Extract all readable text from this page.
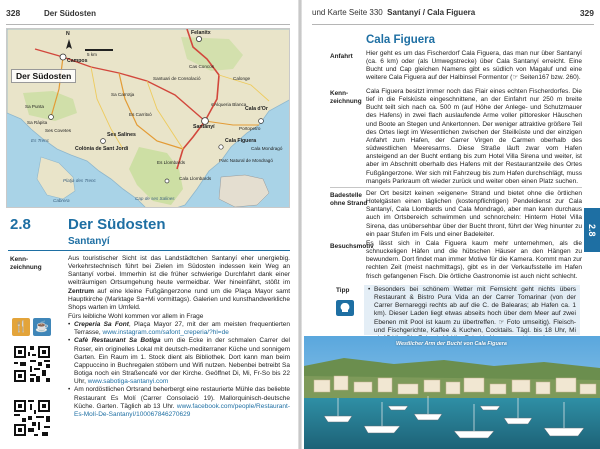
328	Der Südosten
Der Südosten
N
5 km
Felanitx
Campos
Santanyí
Cala Figuera
Colònia de Sant Jordi
Sa Ràpita
Ses Salines
Cala d'Or
Portopetro
s'Alqueria Blanca
Calonge
Es Llombards
Cala Llombards
Cala Mondragó
Cap de ses Salines
Es Trenc
Cabrera
Parc Natural de Mondragó
Sa Punta
Ses Covetes
Es Carritxó
Platja des Trenc
Santuari de Consolació
Cas Concos
Sa Carrotja
2.8 Der Südosten
Santanyí
Kenn-
zeichnung
Aus touristischer Sicht ist das Landstädtchen Santanyí eher unergiebig. Verkehrstechnisch führt bei Zielen im Südosten indessen kein Weg an Santanyí vorbei. Immerhin ist die früher schwierige Durchfahrt dank einer weiträumigen Ortsumgehung heute vermeidbar. Wer hineinfährt, stößt im Zentrum auf eine kleine Fußgängerzone rund um die Plaça Mayor samt Hauptkirche (Marktage Sa+Mi vormittags). Galerien und kunsthandwerkliche Shops warten im Umfeld.
🍴 ☕
Fürs leibliche Wohl kommen vor allem in Frage
• Creperia Sa Font, Plaça Mayor 27, mit der am meisten frequentierten Terrasse, www.instagram.com/safont_creperia/?hl=de
• Cafè Restaurant Sa Botiga um die Ecke in der schmalen Carrer del Roser, ein originelles Lokal mit deutsch-mediterraner Küche und sonnigem Garten. Ein Raum im 1. Stock dient als Bibliothek. Dort kann man beim Cappuccino in Buchregalen stöbern und Wifi nutzen. Nebenbei betreibt Sa Botiga noch ein Straßencafé vor der Kirche. Geöffnet Di, Mi, Fr-So bis 22 Uhr, www.sabotiga-santanyi.com
• Am nordöstlichen Ortsrand beherbergt eine restaurierte Mühle das beliebte Restaurant Es Molí (Carrer Consolació 19). Mallorquinisch-deutsche Küche. Garten. Täglich ab 13 Uhr. www.facebook.com/people/Restaurant-Es-Molí-De-Santanyí/100067846270629
und Karte Seite 330 Santanyí / Cala Figuera	329
Cala Figuera
Anfahrt Hier geht es um das Fischerdorf Cala Figuera, das man nur über Santanyí (ca. 6 km) oder (als Umwegstrecke) über Cala Santanyí erreicht. Eine Bucht und Cap gleichen Namens gibt es südlich von Magaluf und eine weitere Cala Figuera auf der Halbinsel Formentor (☞ Seiten167 bzw. 260).
Kenn-
zeichnung
Cala Figuera besitzt immer noch das Flair eines echten Fischerdorfes. Die tief in die Felsküste eingeschnittene, an der Einfahrt nur 250 m breite Bucht teilt sich nach ca. 500 m (auf Höhe der Anlege- und Schutzmauer des Hafens) in zwei flach auslaufende Arme voller pittoresker Häuschen und Boote an Stegen und Ankertonnen. Der weniger attraktive größere Teil des Ortes liegt im Wesentlichen zwischen der Steilküste und der einzigen Anfahrt zum Hafen, der Carrer Virgen de Carmen oberhalb des südwestlichen Meeresarms. Diese Straße läuft zwar vom Hafen ansteigend an der Bucht entlang bis zum Hotel Villa Sirena und weiter, ist aber im Abschnitt oberhalb des Hafens mit der Restaurantzeile des Ortes Fußgängerzone. Wer sich mit Fahrzeug bis zum Hafen durchschlägt, muss mangels Parkraum oft wieder zurück und weiter oben einen Platz suchen.
Badestelle
ohne Strand
Der Ort besitzt keinen »eigenen« Strand und bietet ohne die örtlichen Hotelgästen einen täglichen (kostenpflichtigen) Pendeldienst zur Cala Santanyí, Cala Llombards und Cala Mondragó, aber man kann durchaus auch im Ortsbereich schwimmen und schnorcheln: Hinterm Hotel Villa Sirena, das unübersehbar über der Bucht thront, führt der Weg hinunter zu ein paar Stufen im Fels und einer Badeleiter.
Besuchsmotiv
Es lässt sich in Cala Figuera kaum mehr unternehmen, als die schnuckeligen Häfen und die hübschen Häuser an den Hängen zu bewundern. Dort findet man immer Motive für die Kamera. Kommt man zur rechten Zeit (meist nachmittags), gibt es in der Verkaufsstelle im Hafen frisch gefangenen Fisch. Die örtliche Gastronomie ist auch nicht schlecht.
2.8
Tipp
•	Besonders bei schönem Wetter mit Fernsicht geht nichts übers Restaurant & Bistro Pura Vida an der Carrer Tomarinar (von der Carrer Bernareggi rechts ab auf die C. de Balearas; ab Hafen ca. 1 km). Dieser Laden liegt etwas abseits hoch über dem Meer auf zwei Ebenen mit Pool ist kaum zu übertreffen. ☞ Foto umseitig). Fleisch- und Fischgerichte, Kaffee & Kuchen, Cocktails. Tägl. bis 18 Uhr, Mi
Westlicher Arm der Bucht von Cala Figuera
